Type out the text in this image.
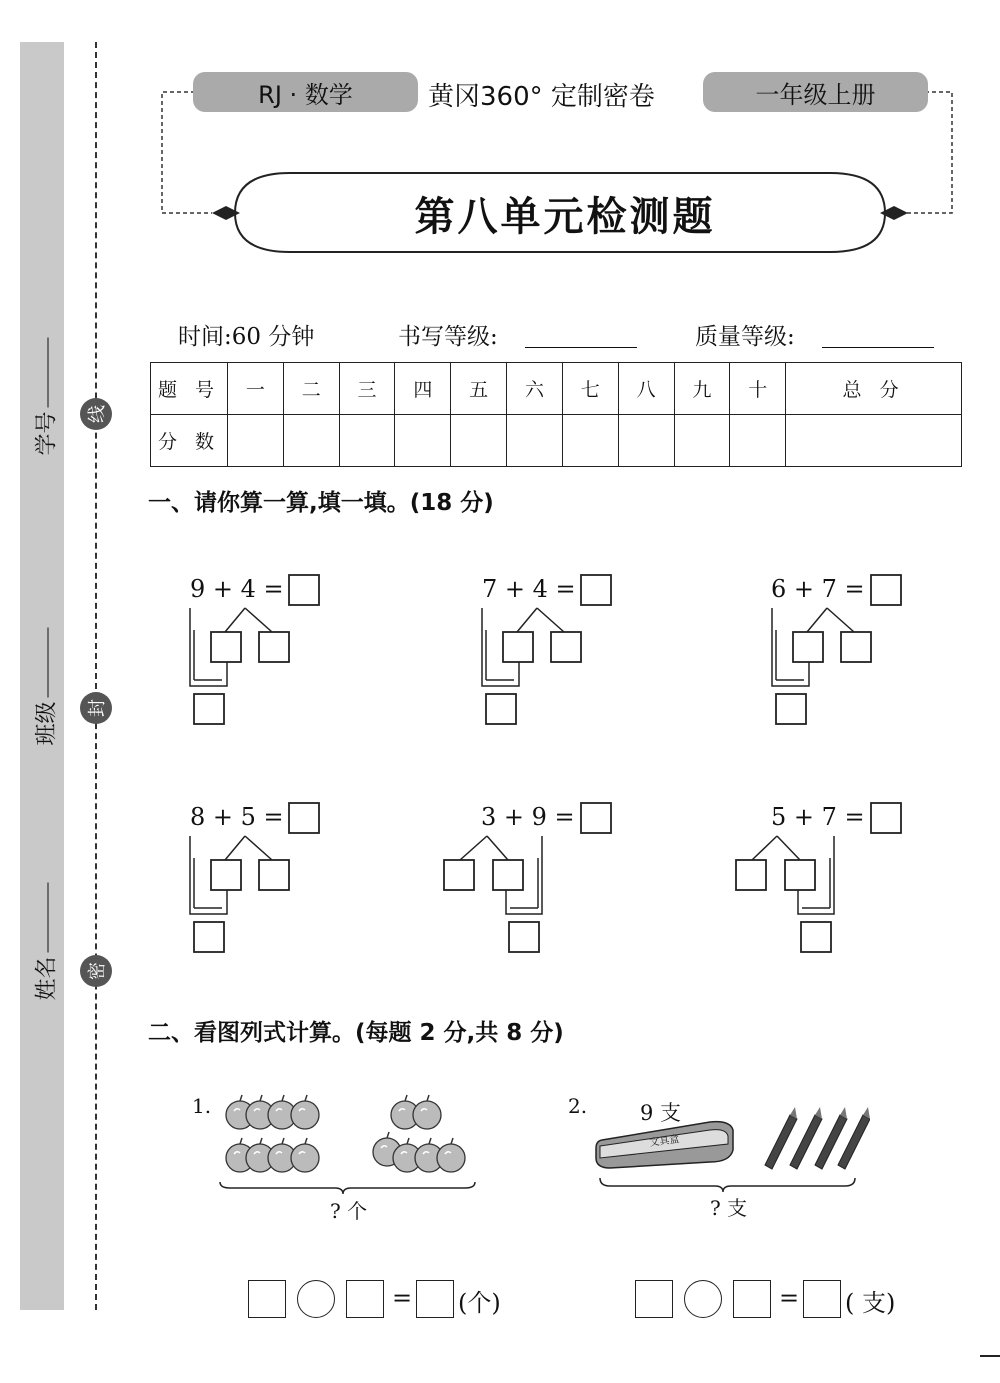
学号
班级
姓名
线
封
密
RJ · 数学	黄冈360° 定制密卷	一年级上册
第八单元检测题
时间:60 分钟	书写等级:	质量等级:
题 号	一	二	三	四	五	六	七	八	九	十	总 分
分 数											
一、请你算一算,填一填。(18 分)
9 + 4 =	7 + 4 =	6 + 7 =
8 + 5 =	3 + 9 =	5 + 7 =
二、看图列式计算。(每题 2 分,共 8 分)
1.
? 个
2.	9 支
文具盒
? 支
= (个)	= ( 支)
